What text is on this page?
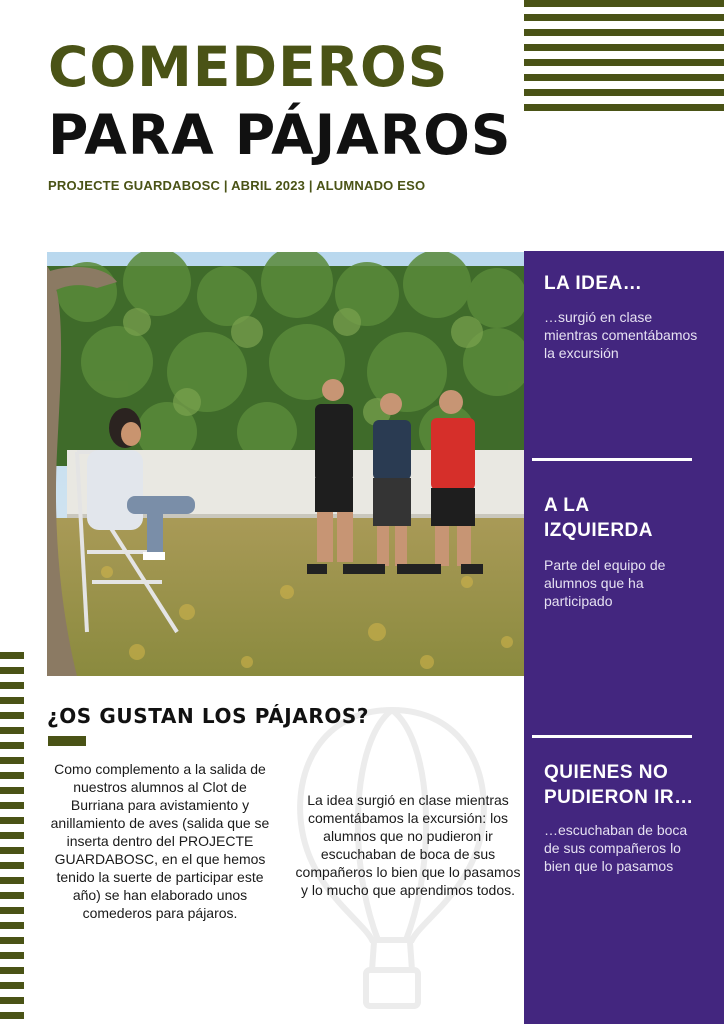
COMEDEROS
PARA PÁJAROS
PROJECTE GUARDABOSC | ABRIL 2023 | ALUMNADO ESO
LA IDEA…
…surgió en clase mientras comentábamos la excursión
A LA
IZQUIERDA
Parte del equipo de alumnos que ha participado
QUIENES NO
PUDIERON IR…
…escuchaban de boca de sus compañeros lo bien que lo pasamos
¿OS GUSTAN LOS PÁJAROS?
Como complemento a la salida de nuestros alumnos al Clot de Burriana para avistamiento y anillamiento de aves (salida que se inserta dentro del PROJECTE GUARDABOSC, en el que hemos tenido la suerte de participar este año) se han elaborado unos comederos para pájaros.
La idea surgió en clase mientras comentábamos la excursión: los alumnos que no pudieron ir escuchaban de boca de sus compañeros lo bien que lo pasamos y lo mucho que aprendimos todos.
